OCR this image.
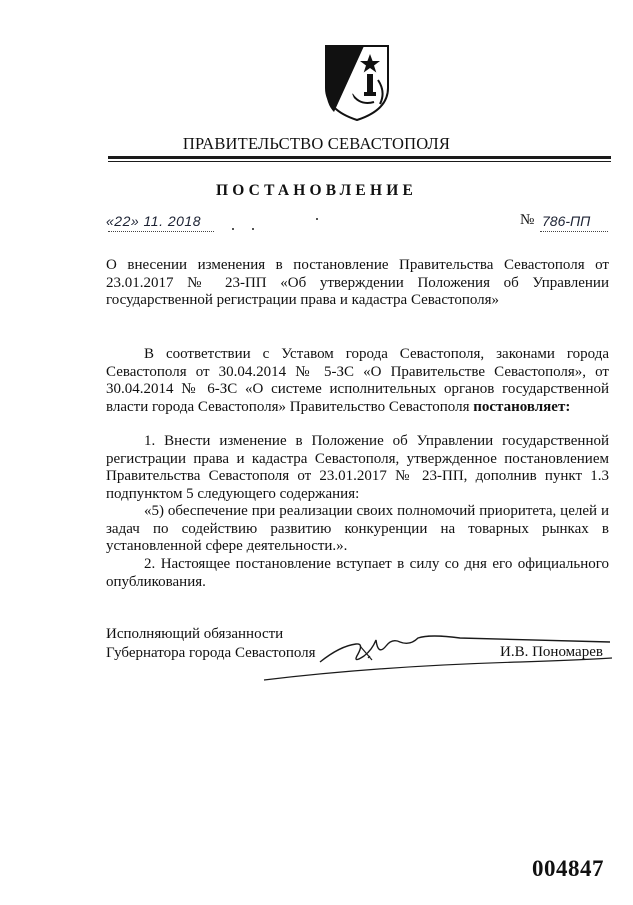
ПРАВИТЕЛЬСТВО СЕВАСТОПОЛЯ
ПОСТАНОВЛЕНИЕ
«22» 11. 2018	№ 786-ПП
О внесении изменения в постановление Правительства Севастополя от 23.01.2017 № 23-ПП «Об утверждении Положения об Управлении государственной регистрации права и кадастра Севастополя»
В соответствии с Уставом города Севастополя, законами города Севастополя от 30.04.2014 № 5-ЗС «О Правительстве Севастополя», от 30.04.2014 № 6-ЗС «О системе исполнительных органов государственной власти города Севастополя» Правительство Севастополя постановляет:
1. Внести изменение в Положение об Управлении государственной регистрации права и кадастра Севастополя, утвержденное постановлением Правительства Севастополя от 23.01.2017 № 23-ПП, дополнив пункт 1.3 подпунктом 5 следующего содержания:
«5) обеспечение при реализации своих полномочий приоритета, целей и задач по содействию развитию конкуренции на товарных рынках в установленной сфере деятельности.».
2. Настоящее постановление вступает в силу со дня его официального опубликования.
Исполняющий обязанности
Губернатора города Севастополя	И.В. Пономарев
004847
